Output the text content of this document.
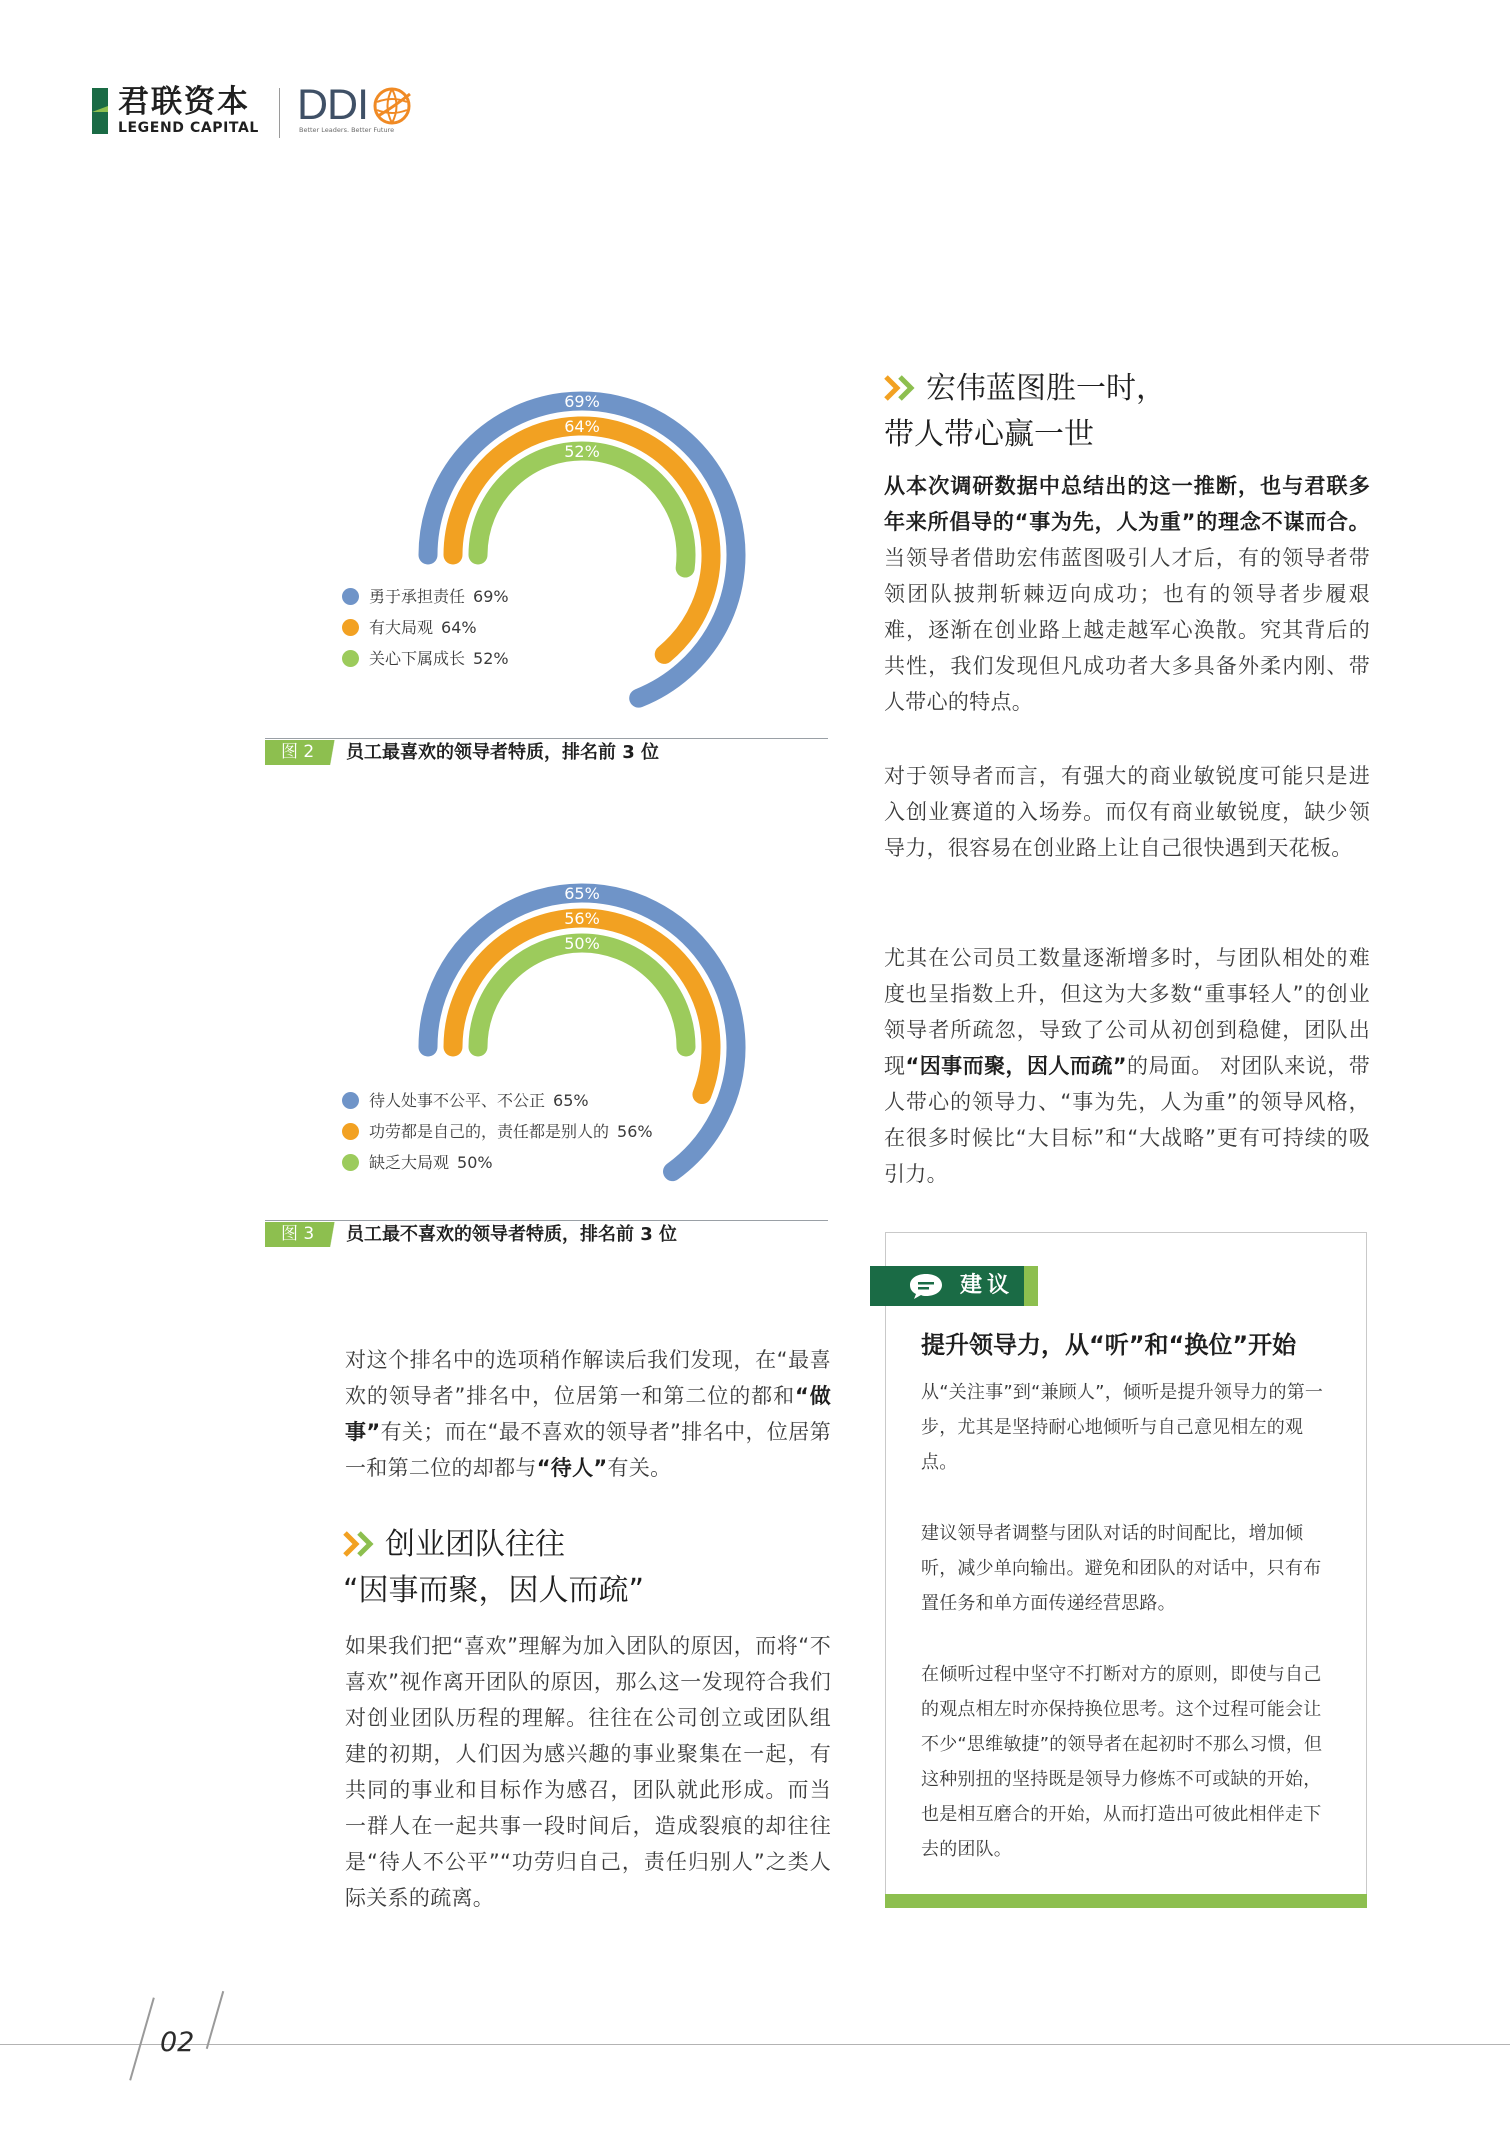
君联资本
LEGEND CAPITAL DDI
Better Leaders. Better Future
69%
64%
52%
勇于承担责任 69%
有大局观 64%
关心下属成长 52%
图 2	员工最喜欢的领导者特质，排名前 3 位
65%
56%
50%
待人处事不公平、不公正 65%
功劳都是自己的，责任都是别人的 56%
缺乏大局观 50%
图 3	员工最不喜欢的领导者特质，排名前 3 位
对这个排名中的选项稍作解读后我们发现，在“最喜欢的领导者”排名中，位居第一和第二位的都和“做事”有关；而在“最不喜欢的领导者”排名中，位居第一和第二位的却都与“待人”有关。
创业团队往往
“因事而聚，因人而疏”
如果我们把“喜欢”理解为加入团队的原因，而将“不喜欢”视作离开团队的原因，那么这一发现符合我们对创业团队历程的理解。往往在公司创立或团队组建的初期，人们因为感兴趣的事业聚集在一起，有共同的事业和目标作为感召，团队就此形成。而当一群人在一起共事一段时间后，造成裂痕的却往往是“待人不公平”“功劳归自己，责任归别人”之类人际关系的疏离。
宏伟蓝图胜一时，
带人带心赢一世
从本次调研数据中总结出的这一推断，也与君联多年来所倡导的“事为先，人为重”的理念不谋而合。当领导者借助宏伟蓝图吸引人才后，有的领导者带领团队披荆斩棘迈向成功；也有的领导者步履艰难，逐渐在创业路上越走越军心涣散。究其背后的共性，我们发现但凡成功者大多具备外柔内刚、带人带心的特点。
对于领导者而言，有强大的商业敏锐度可能只是进入创业赛道的入场券。而仅有商业敏锐度，缺少领导力，很容易在创业路上让自己很快遇到天花板。
尤其在公司员工数量逐渐增多时，与团队相处的难度也呈指数上升，但这为大多数“重事轻人”的创业领导者所疏忽，导致了公司从初创到稳健，团队出现“因事而聚，因人而疏”的局面。 对团队来说，带人带心的领导力、“事为先，人为重”的领导风格，在很多时候比“大目标”和“大战略”更有可持续的吸引力。
建议
提升领导力，从“听”和“换位”开始
从“关注事”到“兼顾人”，倾听是提升领导力的第一步，尤其是坚持耐心地倾听与自己意见相左的观点。
建议领导者调整与团队对话的时间配比，增加倾听，减少单向输出。避免和团队的对话中，只有布置任务和单方面传递经营思路。
在倾听过程中坚守不打断对方的原则，即使与自己的观点相左时亦保持换位思考。这个过程可能会让不少“思维敏捷”的领导者在起初时不那么习惯，但这种别扭的坚持既是领导力修炼不可或缺的开始，也是相互磨合的开始，从而打造出可彼此相伴走下去的团队。
02
